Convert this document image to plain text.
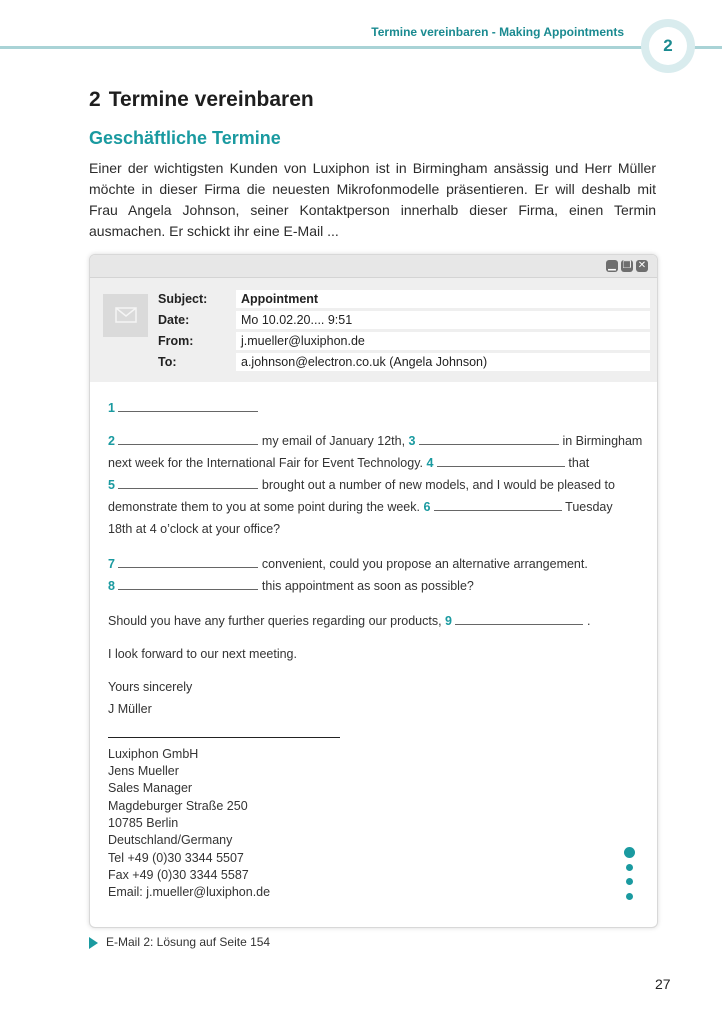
Termine vereinbaren - Making Appointments
2
2 Termine vereinbaren
Geschäftliche Termine

Einer der wichtigsten Kunden von Luxiphon ist in Birmingham ansässig und Herr Müller möchte in dieser Firma die neuesten Mikrofonmodelle präsentieren. Er will deshalb mit Frau Angela Johnson, seiner Kontaktperson innerhalb dieser Firma, einen Termin ausmachen. Er schickt ihr eine E-Mail ...

▁ ❐ ✕
Subject:	Appointment
Date:	Mo 10.02.20.... 9:51
From:	j.mueller@luxiphon.de
To:	a.johnson@electron.co.uk (Angela Johnson)
1
2	my email of January 12th, 3	in Birmingham
next week for the International Fair for Event Technology. 4	that
5	brought out a number of new models, and I would be pleased to
demonstrate them to you at some point during the week. 6	Tuesday
18th at 4 o’clock at your office?
7	convenient, could you propose an alternative arrangement.
8	this appointment as soon as possible?
Should you have any further queries regarding our products, 9	.
I look forward to our next meeting.
Yours sincerely
J Müller
Luxiphon GmbH
Jens Mueller
Sales Manager
Magdeburger Straße 250
10785 Berlin
Deutschland/Germany
Tel +49 (0)30 3344 5507
Fax +49 (0)30 3344 5587
Email: j.mueller@luxiphon.de
E-Mail 2: Lösung auf Seite 154
27
